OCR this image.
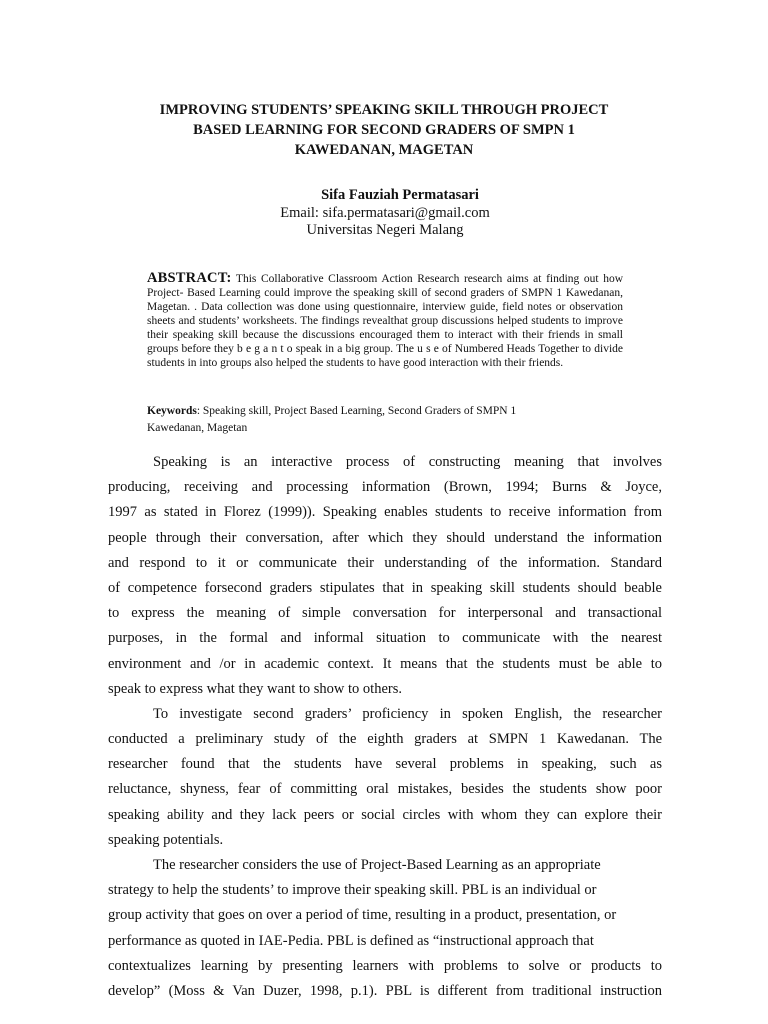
IMPROVING STUDENTS’ SPEAKING SKILL THROUGH PROJECT
BASED LEARNING FOR SECOND GRADERS OF SMPN 1
KAWEDANAN, MAGETAN
Sifa Fauziah Permatasari
Email: sifa.permatasari@gmail.com
Universitas Negeri Malang
ABSTRACT: This Collaborative Classroom Action Research research aims at finding out how Project- Based Learning could improve the speaking skill of second graders of SMPN 1 Kawedanan, Magetan. . Data collection was done using questionnaire, interview guide, field notes or observation sheets and students’ worksheets. The findings revealthat group discussions helped students to improve their speaking skill because the discussions encouraged them to interact with their friends in small groups before they b e g a n t o speak in a big group. The u s e of Numbered Heads Together to divide students in into groups also helped the students to have good interaction with their friends.
Keywords: Speaking skill, Project Based Learning, Second Graders of SMPN 1
Kawedanan, Magetan
Speaking is an interactive process of constructing meaning that involves
producing, receiving and processing information (Brown, 1994; Burns & Joyce,
1997 as stated in Florez (1999)). Speaking enables students to receive information from
people through their conversation, after which they should understand the information
and respond to it or communicate their understanding of the information. Standard
of competence forsecond graders stipulates that in speaking skill students should beable
to express the meaning of simple conversation for interpersonal and transactional
purposes, in the formal and informal situation to communicate with the nearest
environment and /or in academic context. It means that the students must be able to
speak to express what they want to show to others.
To investigate second graders’ proficiency in spoken English, the researcher
conducted a preliminary study of the eighth graders at SMPN 1 Kawedanan. The
researcher found that the students have several problems in speaking, such as
reluctance, shyness, fear of committing oral mistakes, besides the students show poor
speaking ability and they lack peers or social circles with whom they can explore their
speaking potentials.
The researcher considers the use of Project-Based Learning as an appropriate
strategy to help the students’ to improve their speaking skill. PBL is an individual or
group activity that goes on over a period of time, resulting in a product, presentation, or
performance as quoted in IAE-Pedia. PBL is defined as “instructional approach that
contextualizes learning by presenting learners with problems to solve or products to
develop” (Moss & Van Duzer, 1998, p.1). PBL is different from traditional instruction
